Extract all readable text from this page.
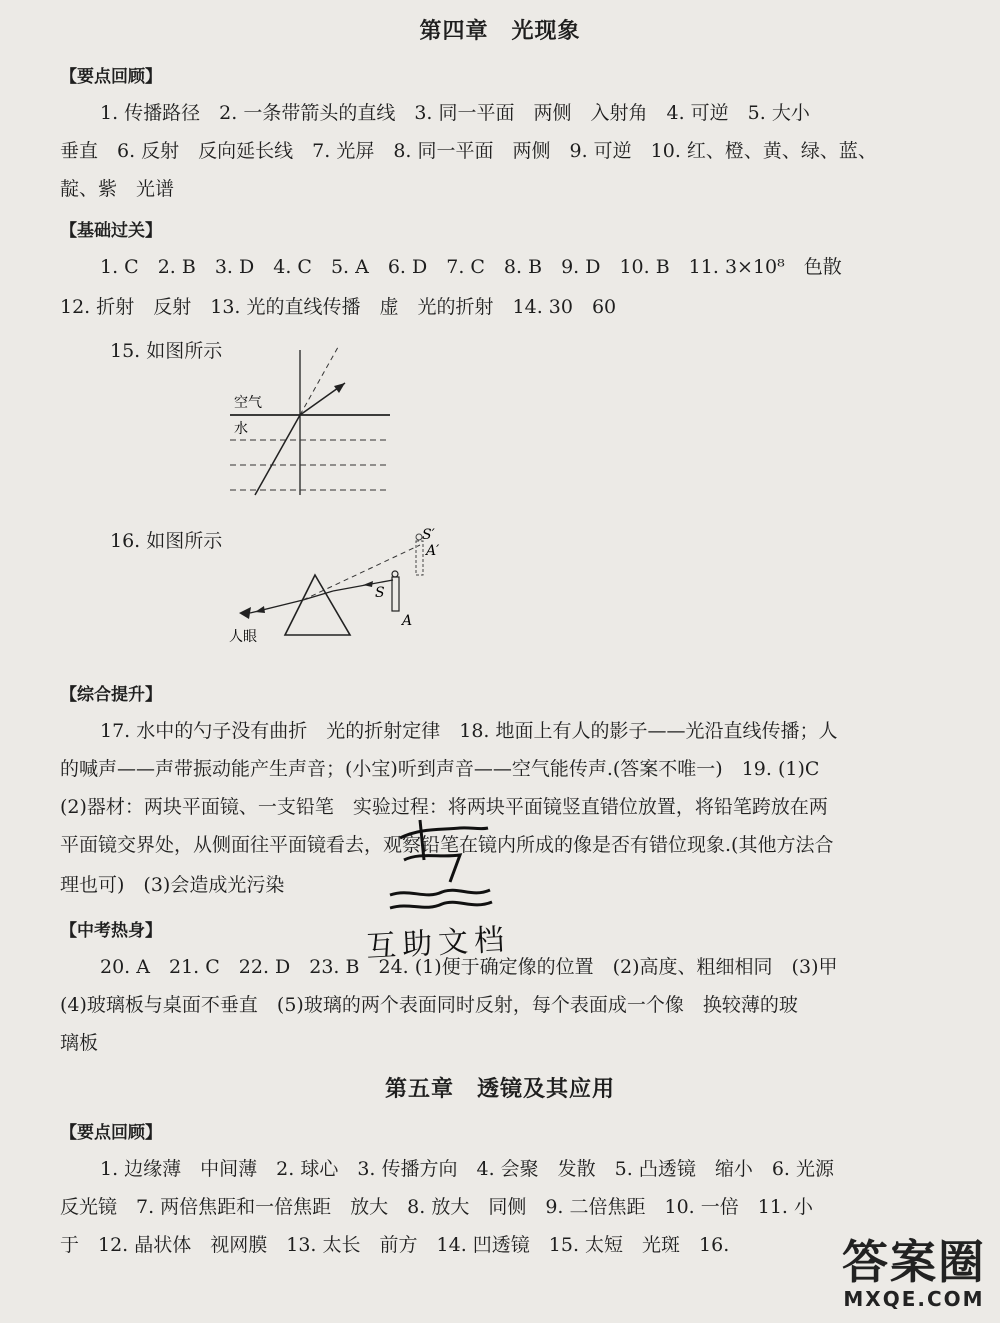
第四章　光现象
【要点回顾】
1. 传播路径　2. 一条带箭头的直线　3. 同一平面　两侧　入射角　4. 可逆　5. 大小
垂直　6. 反射　反向延长线　7. 光屏　8. 同一平面　两侧　9. 可逆　10. 红、橙、黄、绿、蓝、
靛、紫　光谱
【基础过关】
1. C　2. B　3. D　4. C　5. A　6. D　7. C　8. B　9. D　10. B　11. 3×10⁸　色散
12. 折射　反射　13. 光的直线传播　虚　光的折射　14. 30　60
15. 如图所示
空气
水
16. 如图所示
人眼
S
A
S′
A′
【综合提升】
17. 水中的勺子没有曲折　光的折射定律　18. 地面上有人的影子——光沿直线传播；人
的喊声——声带振动能产生声音；(小宝)听到声音——空气能传声.(答案不唯一)　19. (1)C
(2)器材：两块平面镜、一支铅笔　实验过程：将两块平面镜竖直错位放置，将铅笔跨放在两
平面镜交界处，从侧面往平面镜看去，观察铅笔在镜内所成的像是否有错位现象.(其他方法合
理也可)　(3)会造成光污染
互助文档
【中考热身】
20. A　21. C　22. D　23. B　24. (1)便于确定像的位置　(2)高度、粗细相同　(3)甲
(4)玻璃板与桌面不垂直　(5)玻璃的两个表面同时反射，每个表面成一个像　换较薄的玻
璃板
第五章　透镜及其应用
【要点回顾】
1. 边缘薄　中间薄　2. 球心　3. 传播方向　4. 会聚　发散　5. 凸透镜　缩小　6. 光源
反光镜　7. 两倍焦距和一倍焦距　放大　8. 放大　同侧　9. 二倍焦距　10. 一倍　11. 小
于　12. 晶状体　视网膜　13. 太长　前方　14. 凹透镜　15. 太短　光斑　16. 答案圈
MXQE.COM
